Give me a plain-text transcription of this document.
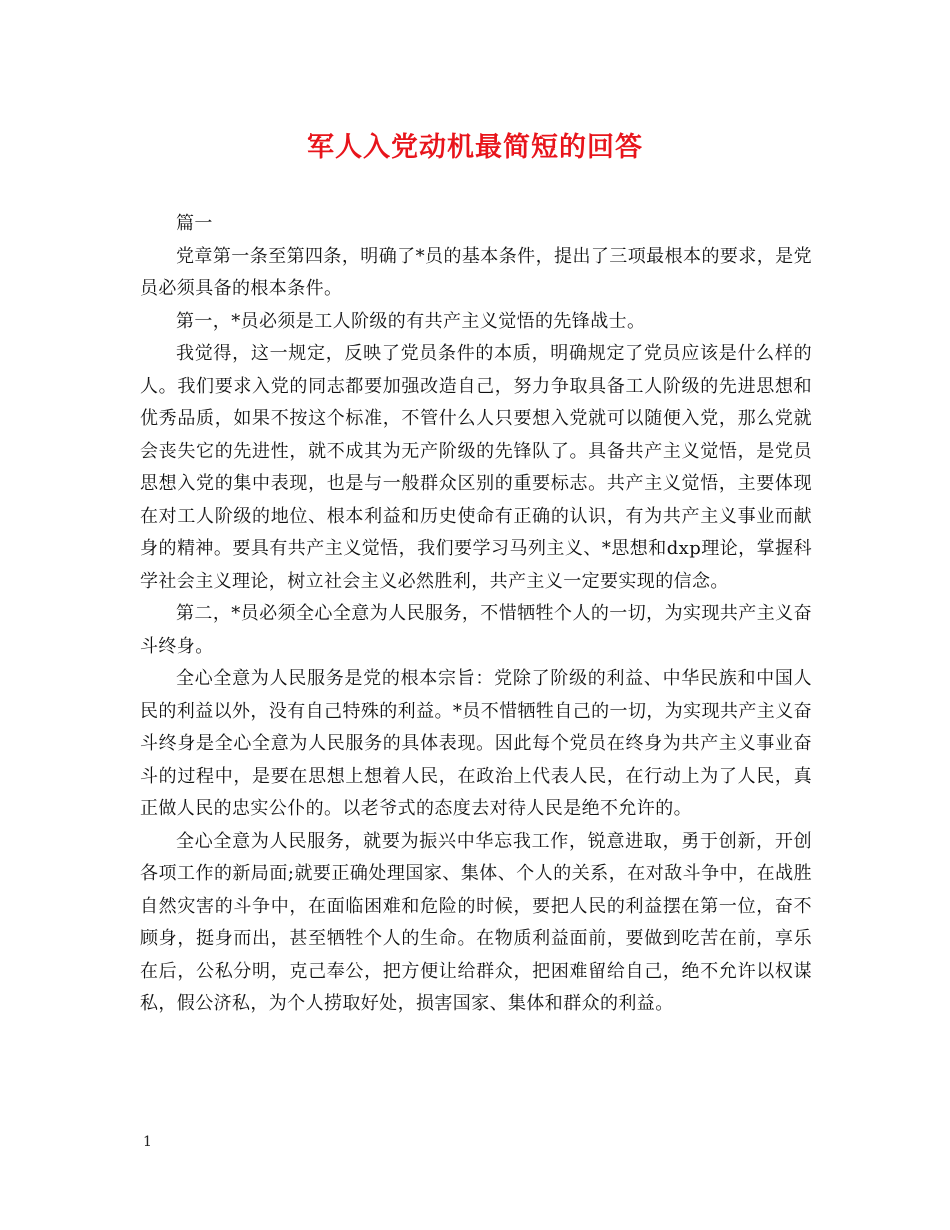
军人入党动机最简短的回答

篇一

党章第一条至第四条，明确了*员的基本条件，提出了三项最根本的要求，是党员必须具备的根本条件。

第一，*员必须是工人阶级的有共产主义觉悟的先锋战士。

我觉得，这一规定，反映了党员条件的本质，明确规定了党员应该是什么样的人。我们要求入党的同志都要加强改造自己，努力争取具备工人阶级的先进思想和优秀品质，如果不按这个标准，不管什么人只要想入党就可以随便入党，那么党就会丧失它的先进性，就不成其为无产阶级的先锋队了。具备共产主义觉悟，是党员思想入党的集中表现，也是与一般群众区别的重要标志。共产主义觉悟，主要体现在对工人阶级的地位、根本利益和历史使命有正确的认识，有为共产主义事业而献身的精神。要具有共产主义觉悟，我们要学习马列主义、*思想和dxp理论，掌握科学社会主义理论，树立社会主义必然胜利，共产主义一定要实现的信念。

第二，*员必须全心全意为人民服务，不惜牺牲个人的一切，为实现共产主义奋斗终身。

全心全意为人民服务是党的根本宗旨：党除了阶级的利益、中华民族和中国人民的利益以外，没有自己特殊的利益。*员不惜牺牲自己的一切，为实现共产主义奋斗终身是全心全意为人民服务的具体表现。因此每个党员在终身为共产主义事业奋斗的过程中，是要在思想上想着人民，在政治上代表人民，在行动上为了人民，真正做人民的忠实公仆的。以老爷式的态度去对待人民是绝不允许的。

全心全意为人民服务，就要为振兴中华忘我工作，锐意进取，勇于创新，开创各项工作的新局面;就要正确处理国家、集体、个人的关系，在对敌斗争中，在战胜自然灾害的斗争中，在面临困难和危险的时候，要把人民的利益摆在第一位，奋不顾身，挺身而出，甚至牺牲个人的生命。在物质利益面前，要做到吃苦在前，享乐在后，公私分明，克己奉公，把方便让给群众，把困难留给自己，绝不允许以权谋私，假公济私，为个人捞取好处，损害国家、集体和群众的利益。

1
